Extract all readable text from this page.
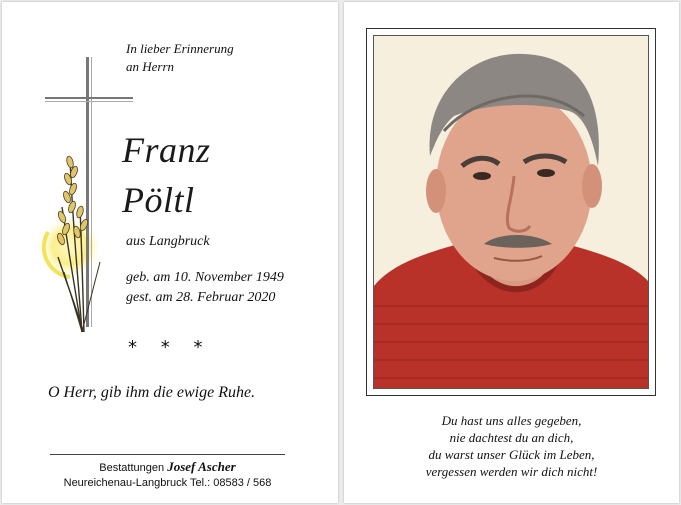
In lieber Erinnerung
an Herrn
Franz
Pöltl
aus Langbruck
geb. am 10. November 1949
gest. am 28. Februar 2020
* * *
O Herr, gib ihm die ewige Ruhe.
Bestattungen Josef Ascher
Neureichenau-Langbruck Tel.: 08583 / 568
Du hast uns alles gegeben,
nie dachtest du an dich,
du warst unser Glück im Leben,
vergessen werden wir dich nicht!
